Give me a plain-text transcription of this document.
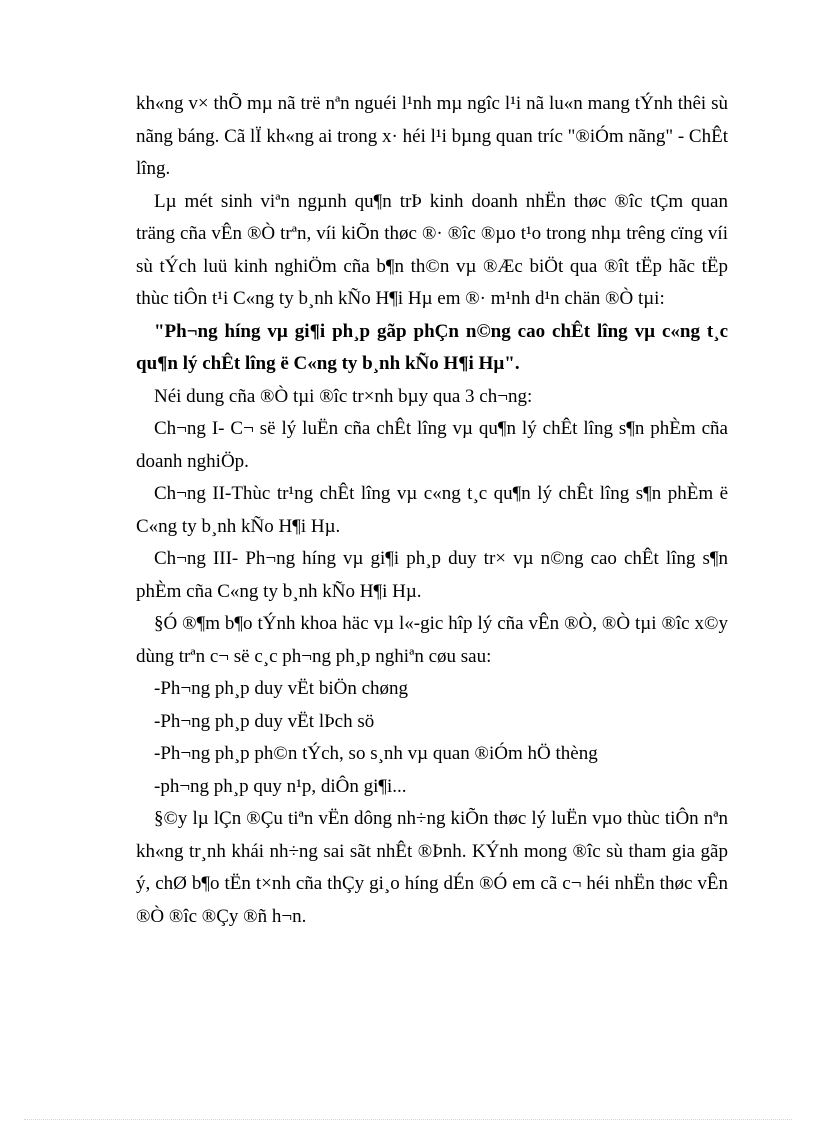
kh«ng v× thÕ mµ nã trë nªn nguéi l¹nh mµ ngîc l¹i nã lu«n mang tÝnh thêi sù nãng báng. Cã lÏ kh«ng ai trong x· héi l¹i bµng quan tríc "®iÓm nãng" - ChÊt lîng.

Lµ mét sinh viªn ngµnh qu¶n trÞ kinh doanh nhËn thøc ®îc tÇm quan träng cña vÊn ®Ò trªn, víi kiÕn thøc ®· ®îc ®µo t¹o trong nhµ trêng cïng víi sù tÝch luü kinh nghiÖm cña b¶n th©n vµ ®Æc biÖt qua ®ît tËp hãc tËp thùc tiÔn t¹i C«ng ty b¸nh kÑo H¶i Hµ em ®· m¹nh d¹n chän ®Ò tµi:

"Ph¬ng híng vµ gi¶i ph¸p gãp phÇn n©ng cao chÊt lîng vµ c«ng t¸c qu¶n lý chÊt lîng ë C«ng ty b¸nh kÑo H¶i Hµ".

Néi dung cña ®Ò tµi ®îc tr×nh bµy qua 3 ch¬ng:

Ch¬ng I- C¬ së lý luËn cña chÊt lîng vµ qu¶n lý chÊt lîng s¶n phÈm cña doanh nghiÖp.

Ch¬ng II-Thùc tr¹ng chÊt lîng vµ c«ng t¸c qu¶n lý chÊt lîng s¶n phÈm ë C«ng ty b¸nh kÑo H¶i Hµ.

Ch¬ng III- Ph¬ng híng vµ gi¶i ph¸p duy tr× vµ n©ng cao chÊt lîng s¶n phÈm cña C«ng ty b¸nh kÑo H¶i Hµ.

§Ó ®¶m b¶o tÝnh khoa häc vµ l«-gic hîp lý cña vÊn ®Ò, ®Ò tµi ®îc x©y dùng trªn c¬ së c¸c ph¬ng ph¸p nghiªn cøu sau:

-Ph¬ng ph¸p duy vËt biÖn chøng

-Ph¬ng ph¸p duy vËt lÞch sö

-Ph¬ng ph¸p ph©n tÝch, so s¸nh vµ quan ®iÓm hÖ thèng

-ph¬ng ph¸p quy n¹p, diÔn gi¶i...

§©y lµ lÇn ®Çu tiªn vËn dông nh÷ng kiÕn thøc lý luËn vµo thùc tiÔn nªn kh«ng tr¸nh khái nh÷ng sai sãt nhÊt ®Þnh. KÝnh mong ®îc sù tham gia gãp ý, chØ b¶o tËn t×nh cña thÇy gi¸o híng dÉn ®Ó em cã c¬ héi nhËn thøc vÊn ®Ò ®îc ®Çy ®ñ h¬n.
